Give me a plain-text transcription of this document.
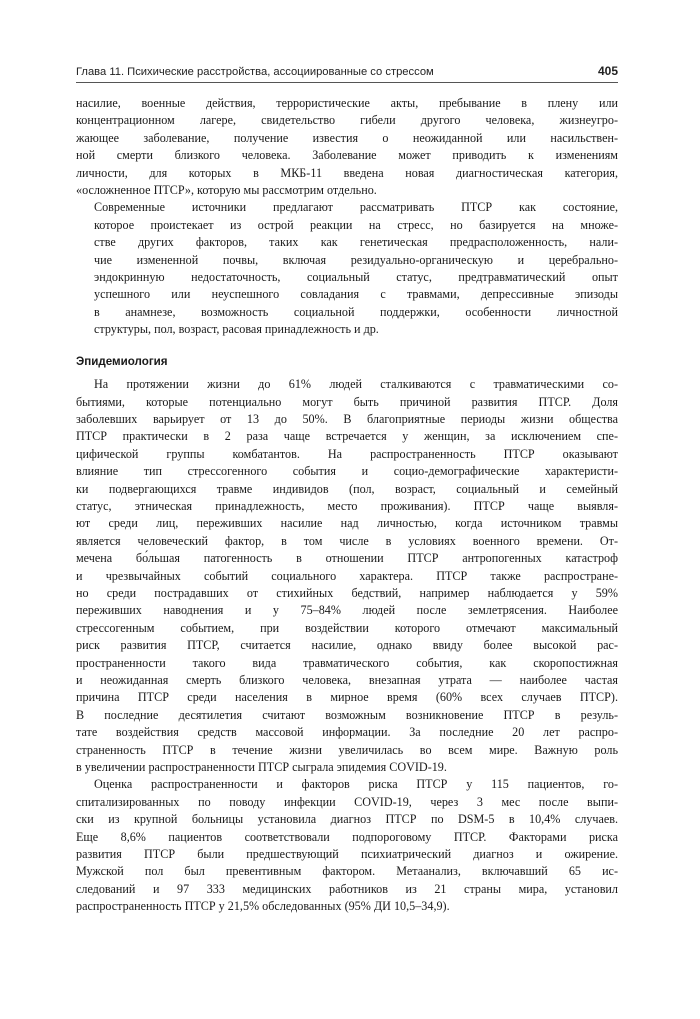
Глава 11. Психические расстройства, ассоциированные со стрессом	405

насилие, военные действия, террористические акты, пребывание в плену или
концентрационном лагере, свидетельство гибели другого человека, жизнеугро-
жающее заболевание, получение известия о неожиданной или насильствен-
ной смерти близкого человека. Заболевание может приводить к изменениям
личности, для которых в МКБ-11 введена новая диагностическая категория,
«осложненное ПТСР», которую мы рассмотрим отдельно.

Современные источники предлагают рассматривать ПТСР как состояние,
которое проистекает из острой реакции на стресс, но базируется на множе-
стве других факторов, таких как генетическая предрасположенность, нали-
чие измененной почвы, включая резидуально-органическую и церебрально-
эндокринную недостаточность, социальный статус, предтравматический опыт
успешного или неуспешного совладания с травмами, депрессивные эпизоды
в анамнезе, возможность социальной поддержки, особенности личностной
структуры, пол, возраст, расовая принадлежность и др.

Эпидемиология

На протяжении жизни до 61% людей сталкиваются с травматическими со-
бытиями, которые потенциально могут быть причиной развития ПТСР. Доля
заболевших варьирует от 13 до 50%. В благоприятные периоды жизни общества
ПТСР практически в 2 раза чаще встречается у женщин, за исключением спе-
цифической группы комбатантов. На распространенность ПТСР оказывают
влияние тип стрессогенного события и социо-демографические характеристи-
ки подвергающихся травме индивидов (пол, возраст, социальный и семейный
статус, этническая принадлежность, место проживания). ПТСР чаще выявля-
ют среди лиц, переживших насилие над личностью, когда источником травмы
является человеческий фактор, в том числе в условиях военного времени. От-
мечена бо́льшая патогенность в отношении ПТСР антропогенных катастроф
и чрезвычайных событий социального характера. ПТСР также распростране-
но среди пострадавших от стихийных бедствий, например наблюдается у 59%
переживших наводнения и у 75–84% людей после землетрясения. Наиболее
стрессогенным событием, при воздействии которого отмечают максимальный
риск развития ПТСР, считается насилие, однако ввиду более высокой рас-
пространенности такого вида травматического события, как скоропостижная
и неожиданная смерть близкого человека, внезапная утрата — наиболее частая
причина ПТСР среди населения в мирное время (60% всех случаев ПТСР).
В последние десятилетия считают возможным возникновение ПТСР в резуль-
тате воздействия средств массовой информации. За последние 20 лет распро-
страненность ПТСР в течение жизни увеличилась во всем мире. Важную роль
в увеличении распространенности ПТСР сыграла эпидемия COVID-19.

Оценка распространенности и факторов риска ПТСР у 115 пациентов, го-
спитализированных по поводу инфекции COVID-19, через 3 мес после выпи-
ски из крупной больницы установила диагноз ПТСР по DSM-5 в 10,4% случаев.
Еще 8,6% пациентов соответствовали подпороговому ПТСР. Факторами риска
развития ПТСР были предшествующий психиатрический диагноз и ожирение.
Мужской пол был превентивным фактором. Метаанализ, включавший 65 ис-
следований и 97 333 медицинских работников из 21 страны мира, установил
распространенность ПТСР у 21,5% обследованных (95% ДИ 10,5–34,9).
